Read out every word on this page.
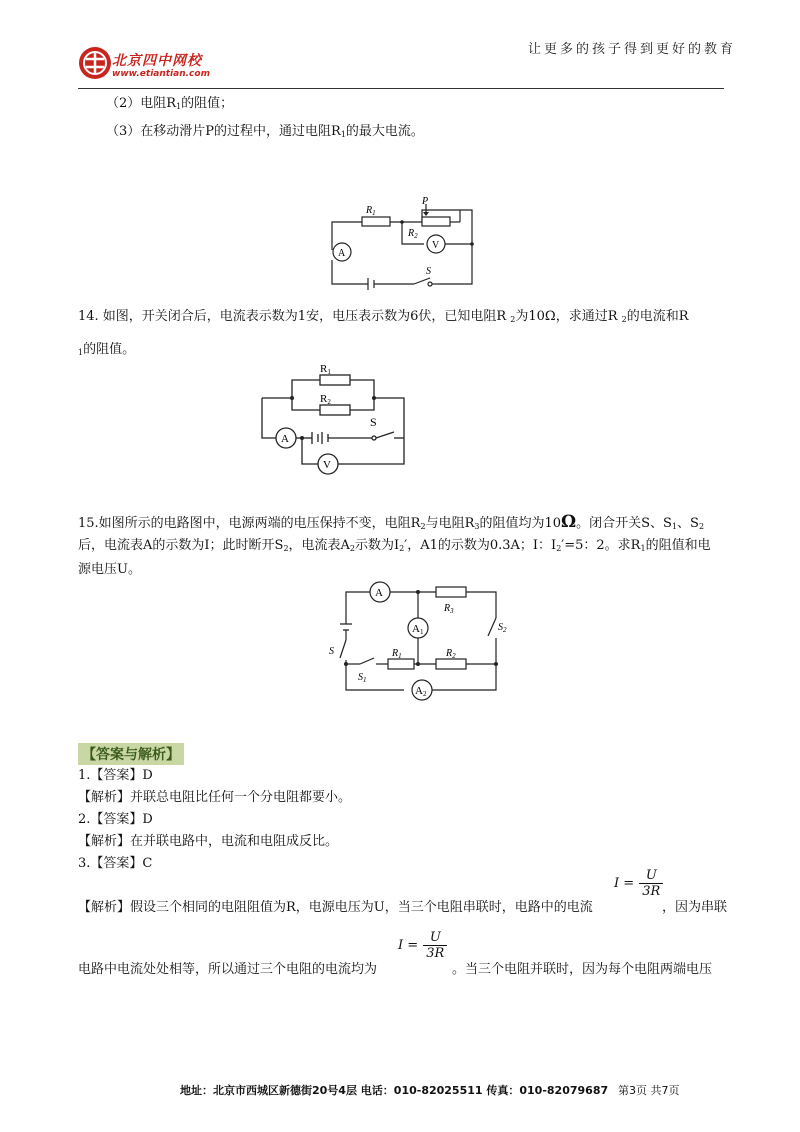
北京四中网校
www.etiantian.com
让更多的孩子得到更好的教育
（2）电阻$R_1$的阻值；
（3）在移动滑片P的过程中，通过电阻$R_1$的最大电流。
$R_1$
P
$R_2$
V
A
S
14. 如图，开关闭合后，电流表示数为1安，电压表示数为6伏，已知电阻R $_2$为10Ω，求通过R $_2$的电流和R
$_1$的阻值。
R1
R2
S
A
V
15.如图所示的电路图中，电源两端的电压保持不变，电阻$R_2$与电阻$R_3$的阻值均为10Ω。闭合开关S、$S_1$、$S_2$
后，电流表A的示数为I；此时断开$S_2$，电流表$A_2$示数为$I_2'$，A1的示数为0.3A；I：$I_2'=5$：2。求$R_1$的阻值和电
源电压U。
A
A1
$R_3$
$S_2$
S	$R_1$	$R_2$
$S_1$
A2
【答案与解析】
1.【答案】D
【解析】并联总电阻比任何一个分电阻都要小。
2.【答案】D
【解析】在并联电路中，电流和电阻成反比。
3.【答案】C
【解析】假设三个相同的电阻阻值为R，电源电压为U，当三个电阻串联时，电路中的电流
$I = \frac{U}{3R}$
，因为串联
电路中电流处处相等，所以通过三个电阻的电流均为
$I = \frac{U}{3R}$
。当三个电阻并联时，因为每个电阻两端电压
地址：北京市西城区新德街20号4层 电话：010-82025511 传真：010-82079687 第3页 共7页
